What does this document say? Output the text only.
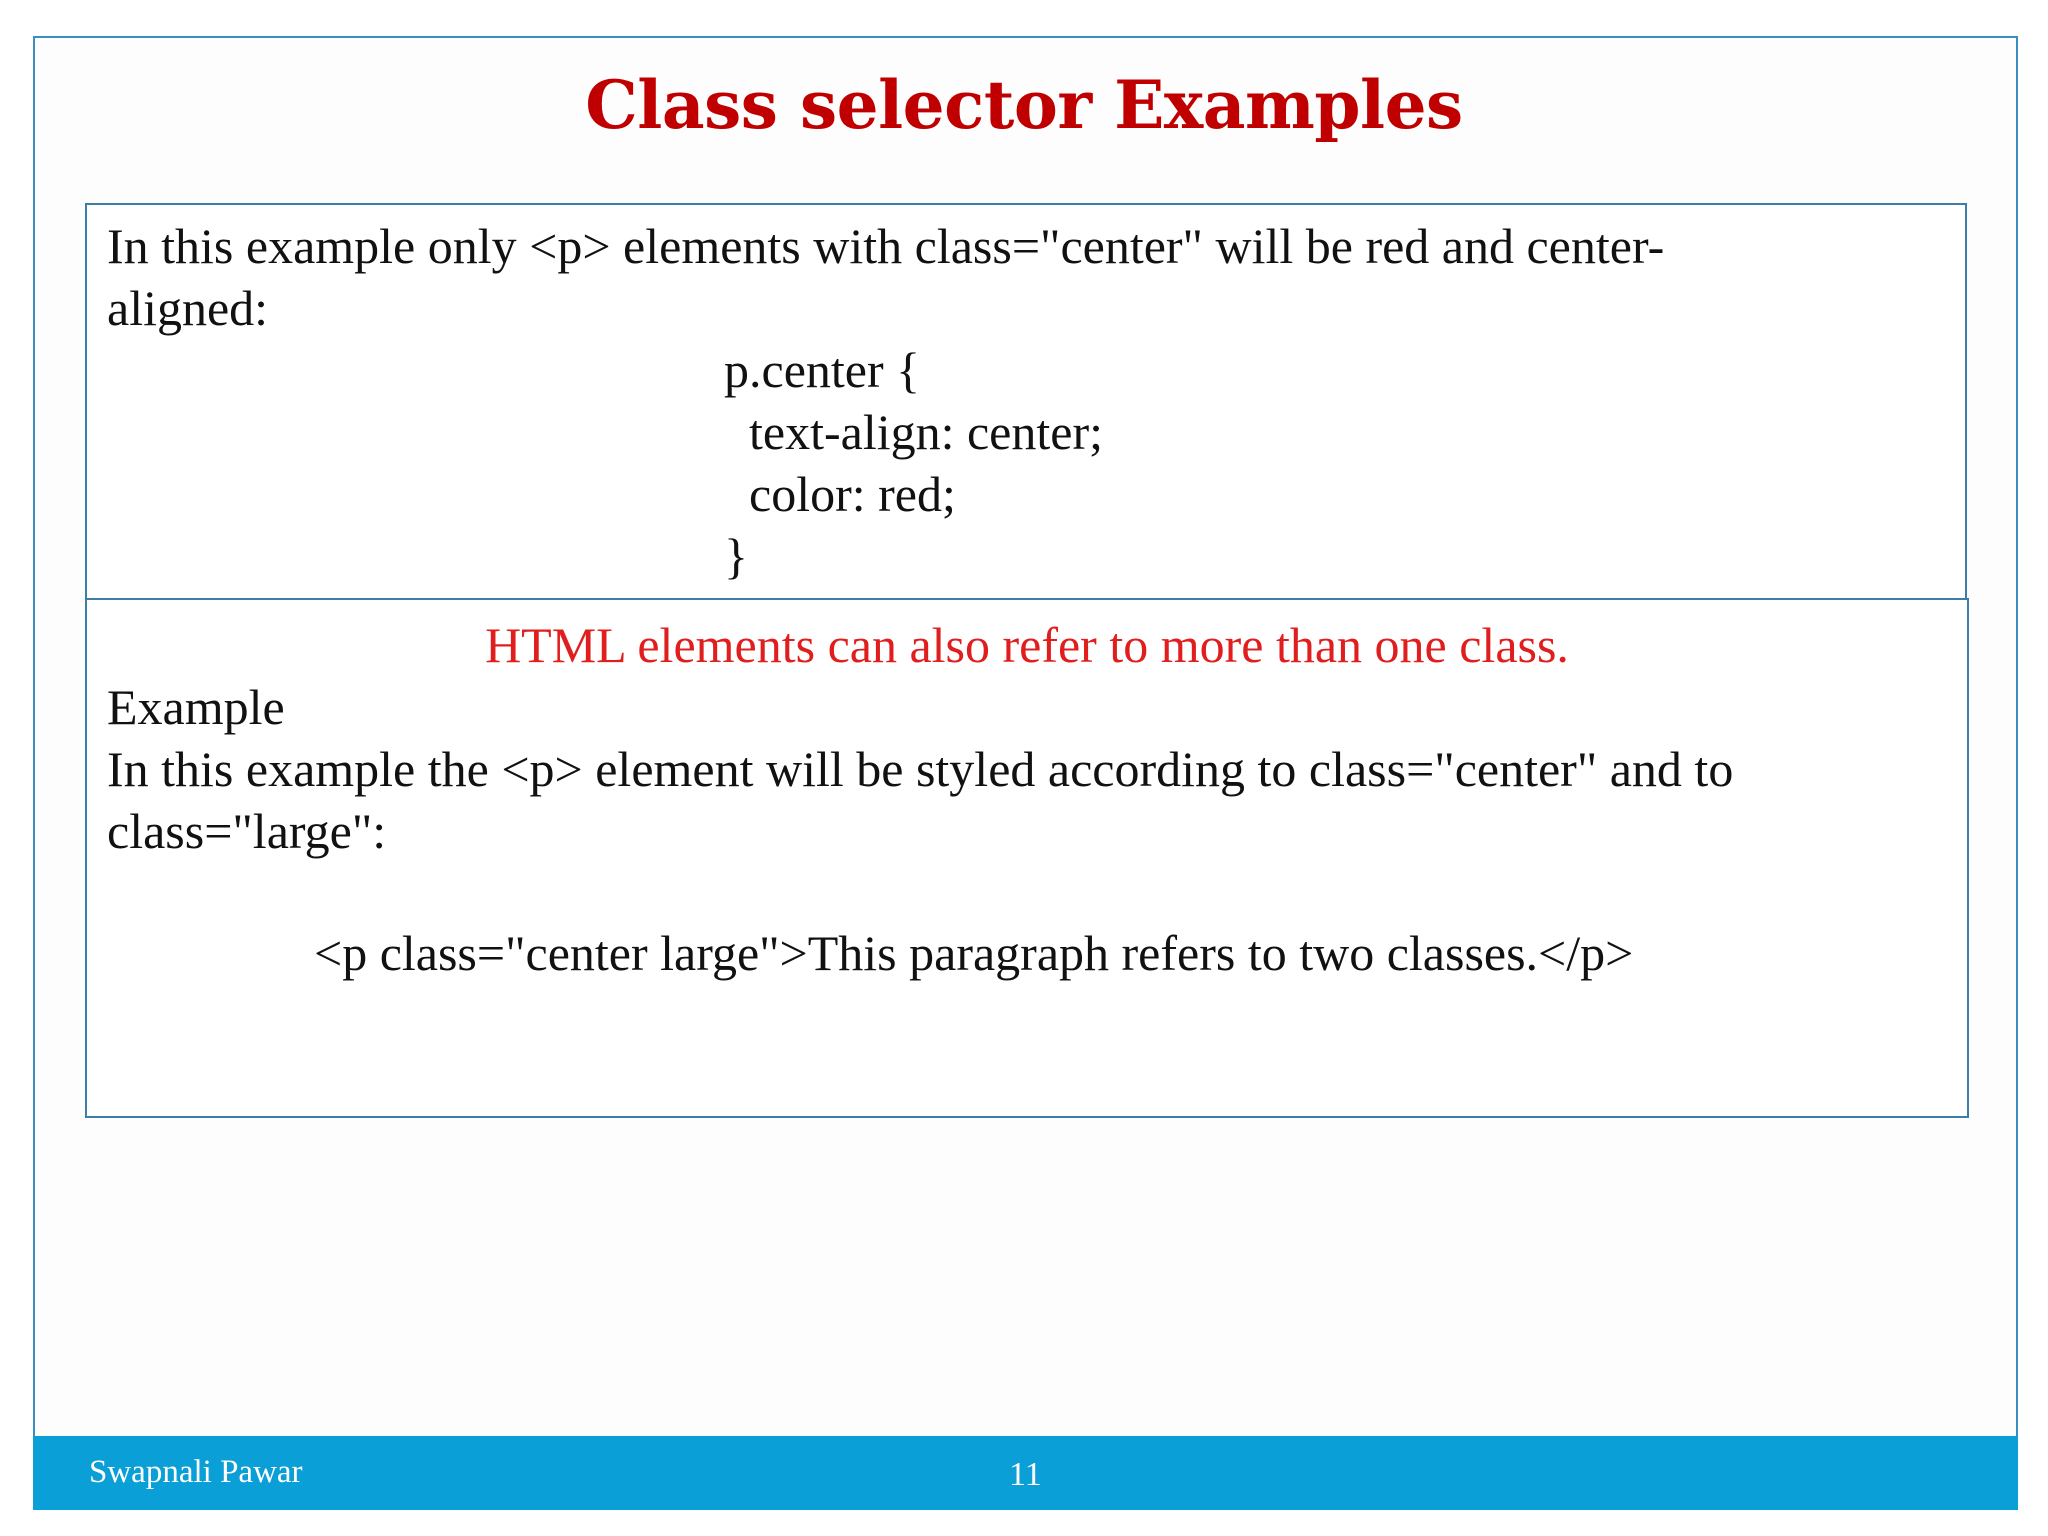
Class selector Examples
In this example only <p> elements with class="center" will be red and center-
aligned:
p.center {
text-align: center;
color: red;
}
HTML elements can also refer to more than one class.
Example
In this example the <p> element will be styled according to class="center" and to
class="large":
<p class="center large">This paragraph refers to two classes.</p>
Swapnali Pawar	11
